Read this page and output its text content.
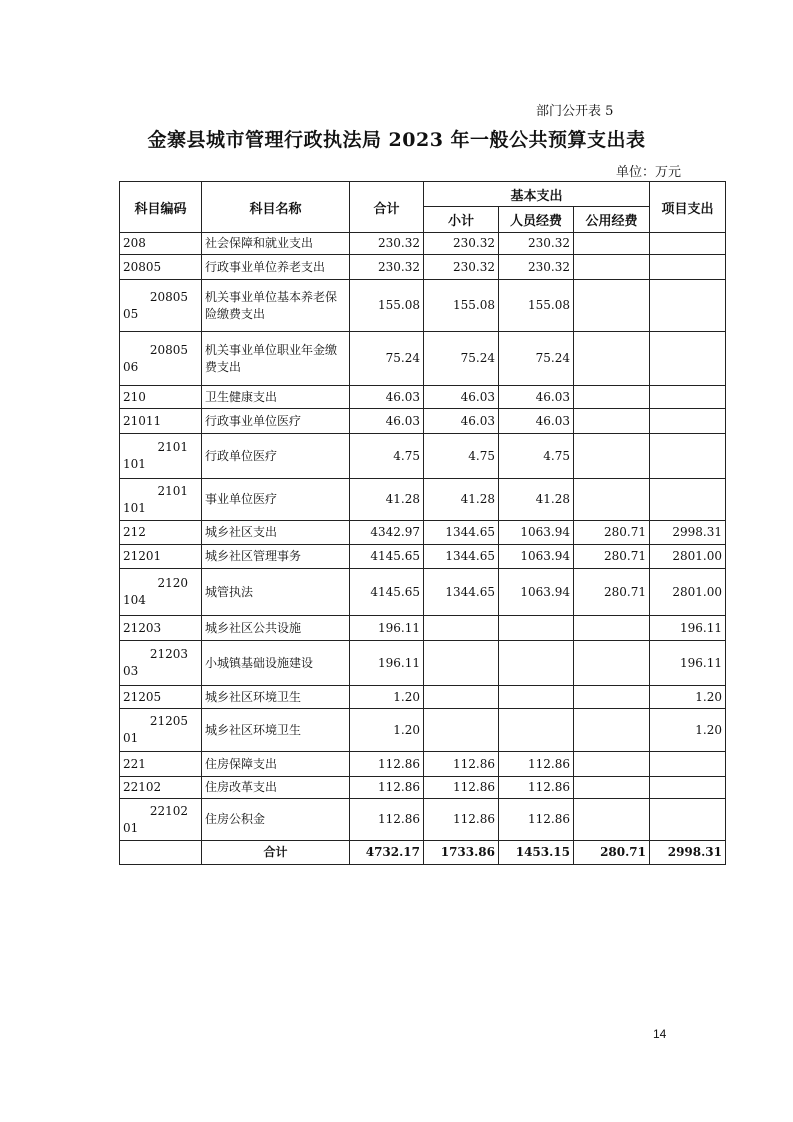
部门公开表 5
金寨县城市管理行政执法局 2023 年一般公共预算支出表
单位：万元
科目编码	科目名称	合计	基本支出			项目支出
			小计	人员经费	公用经费	
208	社会保障和就业支出	230.32	230.32	230.32		
20805	行政事业单位养老支出	230.32	230.32	230.32		

20805
05	机关事业单位基本养老保险缴费支出	155.08	155.08	155.08		

20805
06	机关事业单位职业年金缴费支出	75.24	75.24	75.24		
210	卫生健康支出	46.03	46.03	46.03		
21011	行政事业单位医疗	46.03	46.03	46.03		

2101
101	行政单位医疗	4.75	4.75	4.75		

2101
101	事业单位医疗	41.28	41.28	41.28		
212	城乡社区支出	4342.97	1344.65	1063.94	280.71	2998.31
21201	城乡社区管理事务	4145.65	1344.65	1063.94	280.71	2801.00

2120
104	城管执法	4145.65	1344.65	1063.94	280.71	2801.00
21203	城乡社区公共设施	196.11				196.11

21203
03	小城镇基础设施建设	196.11				196.11
21205	城乡社区环境卫生	1.20				1.20

21205
01	城乡社区环境卫生	1.20				1.20
221	住房保障支出	112.86	112.86	112.86		
22102	住房改革支出	112.86	112.86	112.86		

22102
01	住房公积金	112.86	112.86	112.86		
	合计	4732.17	1733.86	1453.15	280.71	2998.31
14
